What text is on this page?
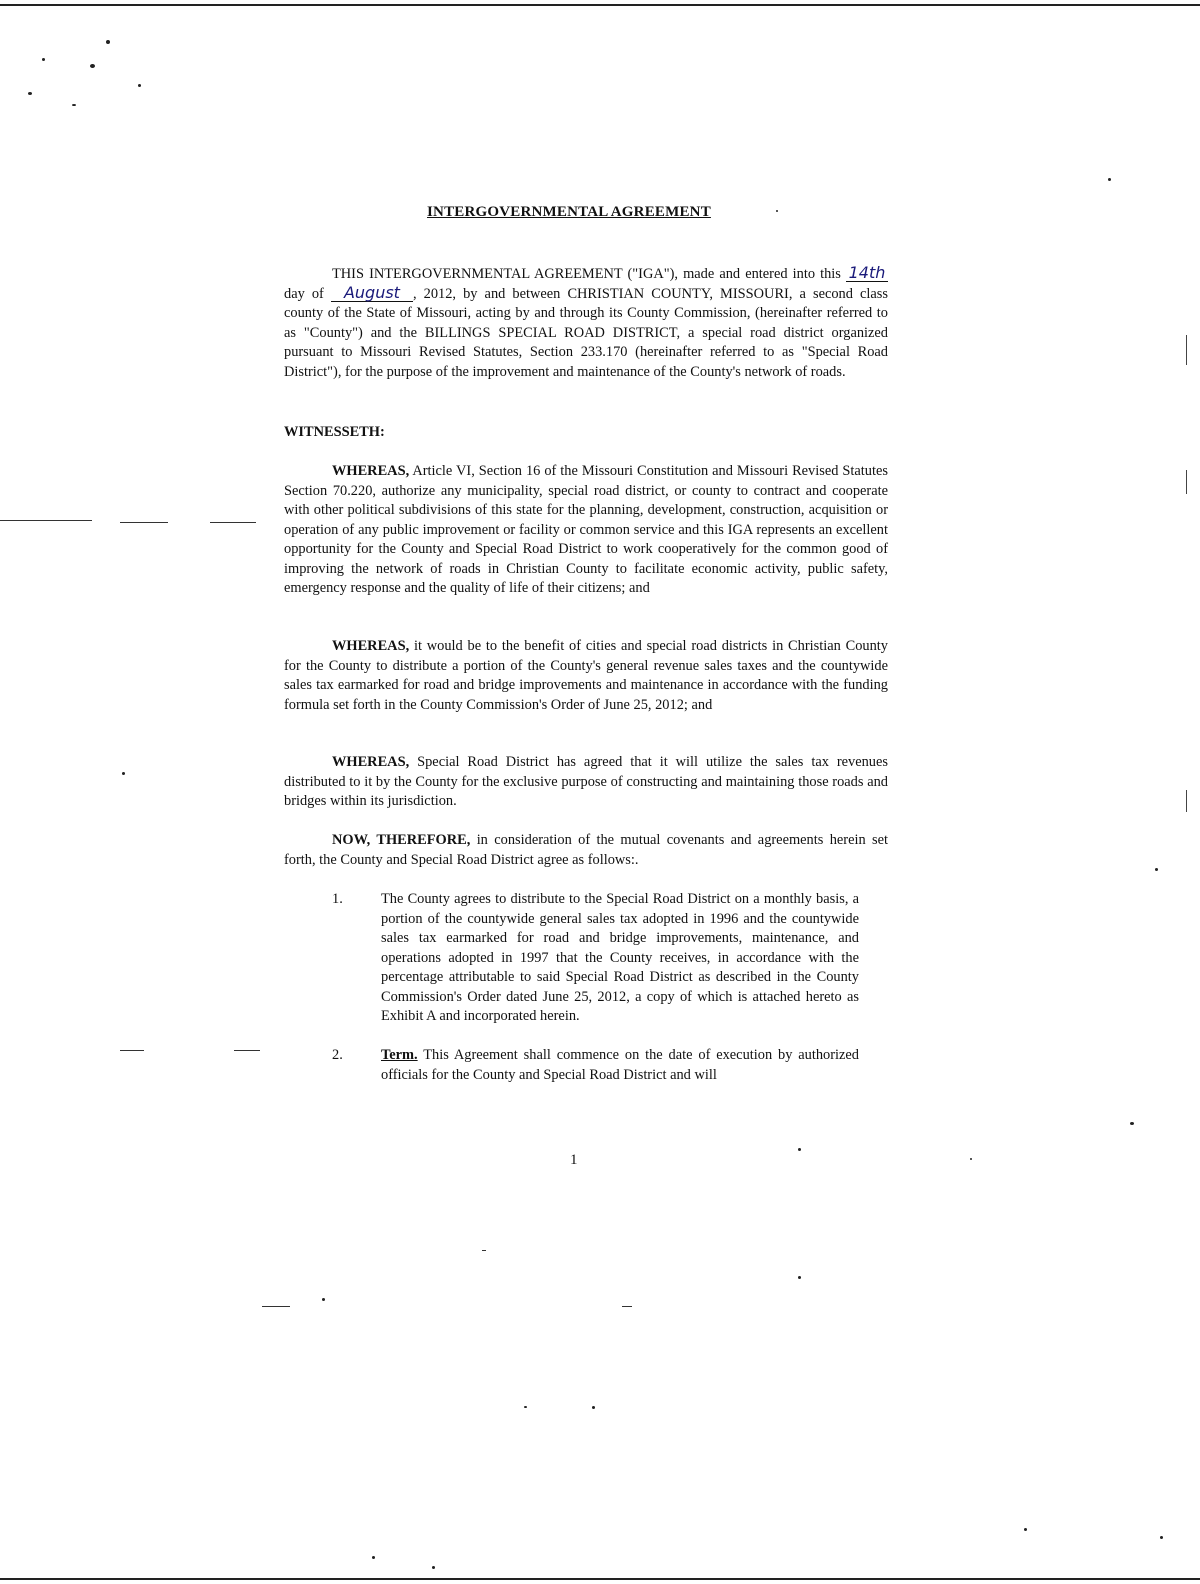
INTERGOVERNMENTAL AGREEMENT

THIS INTERGOVERNMENTAL AGREEMENT ("IGA"), made and entered into this 14th day of August , 2012, by and between CHRISTIAN COUNTY, MISSOURI, a second class county of the State of Missouri, acting by and through its County Commission, (hereinafter referred to as "County") and the BILLINGS SPECIAL ROAD DISTRICT, a special road district organized pursuant to Missouri Revised Statutes, Section 233.170 (hereinafter referred to as "Special Road District"), for the purpose of the improvement and maintenance of the County's network of roads.

WITNESSETH:

WHEREAS, Article VI, Section 16 of the Missouri Constitution and Missouri Revised Statutes Section 70.220, authorize any municipality, special road district, or county to contract and cooperate with other political subdivisions of this state for the planning, development, construction, acquisition or operation of any public improvement or facility or common service and this IGA represents an excellent opportunity for the County and Special Road District to work cooperatively for the common good of improving the network of roads in Christian County to facilitate economic activity, public safety, emergency response and the quality of life of their citizens; and

WHEREAS, it would be to the benefit of cities and special road districts in Christian County for the County to distribute a portion of the County's general revenue sales taxes and the countywide sales tax earmarked for road and bridge improvements and maintenance in accordance with the funding formula set forth in the County Commission's Order of June 25, 2012; and

WHEREAS, Special Road District has agreed that it will utilize the sales tax revenues distributed to it by the County for the exclusive purpose of constructing and maintaining those roads and bridges within its jurisdiction.

NOW, THEREFORE, in consideration of the mutual covenants and agreements herein set forth, the County and Special Road District agree as follows:.

1.	The County agrees to distribute to the Special Road District on a monthly basis, a portion of the countywide general sales tax adopted in 1996 and the countywide sales tax earmarked for road and bridge improvements, maintenance, and operations adopted in 1997 that the County receives, in accordance with the percentage attributable to said Special Road District as described in the County Commission's Order dated June 25, 2012, a copy of which is attached hereto as Exhibit A and incorporated herein.

2.	Term. This Agreement shall commence on the date of execution by authorized officials for the County and Special Road District and will

1
